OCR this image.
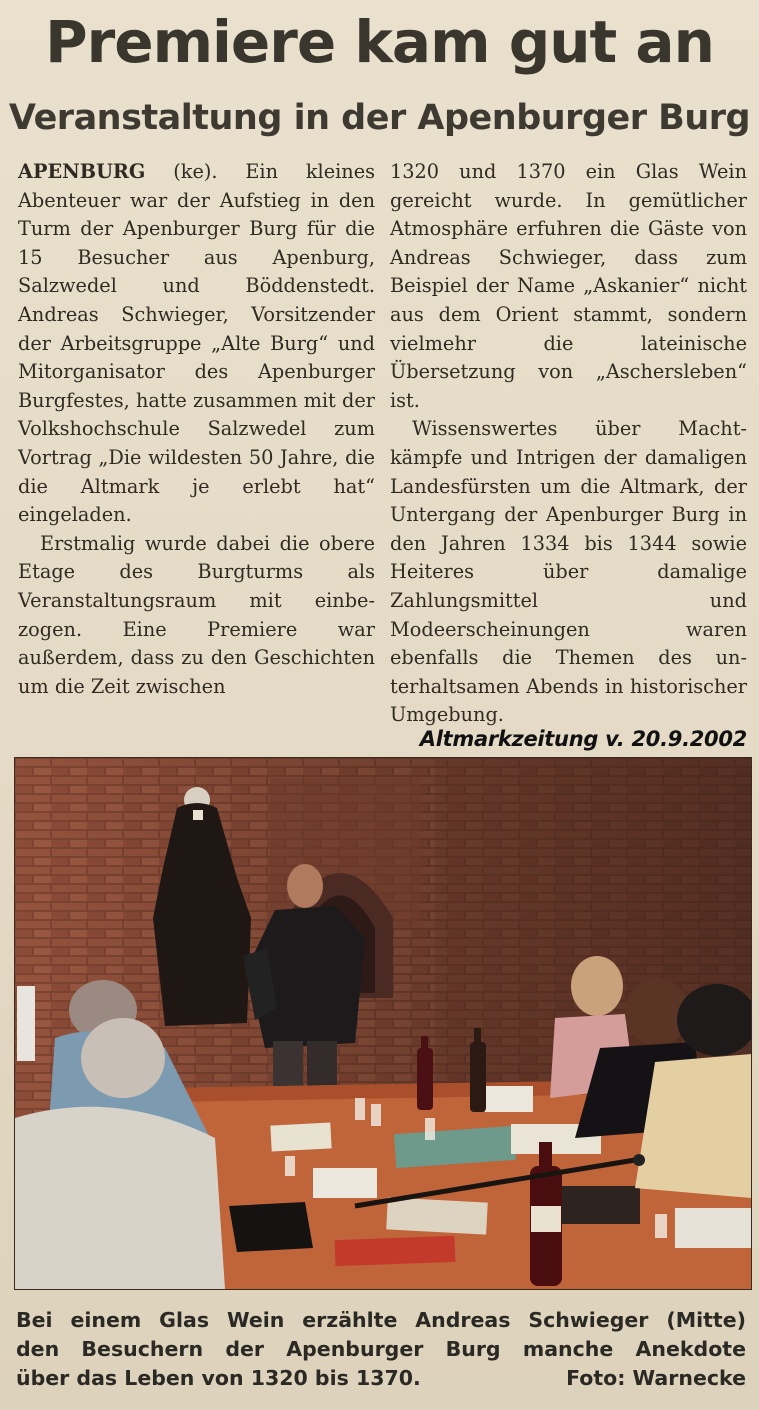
Premiere kam gut an
Veranstaltung in der Apenburger Burg

APENBURG (ke). Ein kleines Abenteuer war der Aufstieg in den Turm der Apenburger Burg für die 15 Besucher aus Apenburg, Salzwedel und Böddenstedt. Andreas Schwieger, Vorsitzender der Arbeitsgruppe „Alte Burg“ und Mitorganisator des Apenburger Burgfestes, hatte zusammen mit der Volkshochschule Salzwedel zum Vortrag „Die wildesten 50 Jahre, die die Altmark je erlebt hat“ eingeladen.

Erstmalig wurde dabei die obere Etage des Burgturms als Veranstaltungsraum mit einbezogen. Eine Premiere war außerdem, dass zu den Geschichten um die Zeit zwischen

1320 und 1370 ein Glas Wein gereicht wurde. In gemütlicher Atmosphäre erfuhren die Gäste von Andreas Schwieger, dass zum Beispiel der Name „Askanier“ nicht aus dem Orient stammt, sondern vielmehr die lateinische Übersetzung von „Aschersleben“ ist.

Wissenswertes über Machtkämpfe und Intrigen der damaligen Landesfürsten um die Altmark, der Untergang der Apenburger Burg in den Jahren 1334 bis 1344 sowie Heiteres über damalige Zahlungsmittel und Modeerscheinungen waren ebenfalls die Themen des unterhaltsamen Abends in historischer Umgebung.

Altmarkzeitung v. 20.9.2002
Bei einem Glas Wein erzählte Andreas Schwieger (Mitte)
den Besuchern der Apenburger Burg manche Anekdote
über das Leben von 1320 bis 1370.	Foto: Warnecke
